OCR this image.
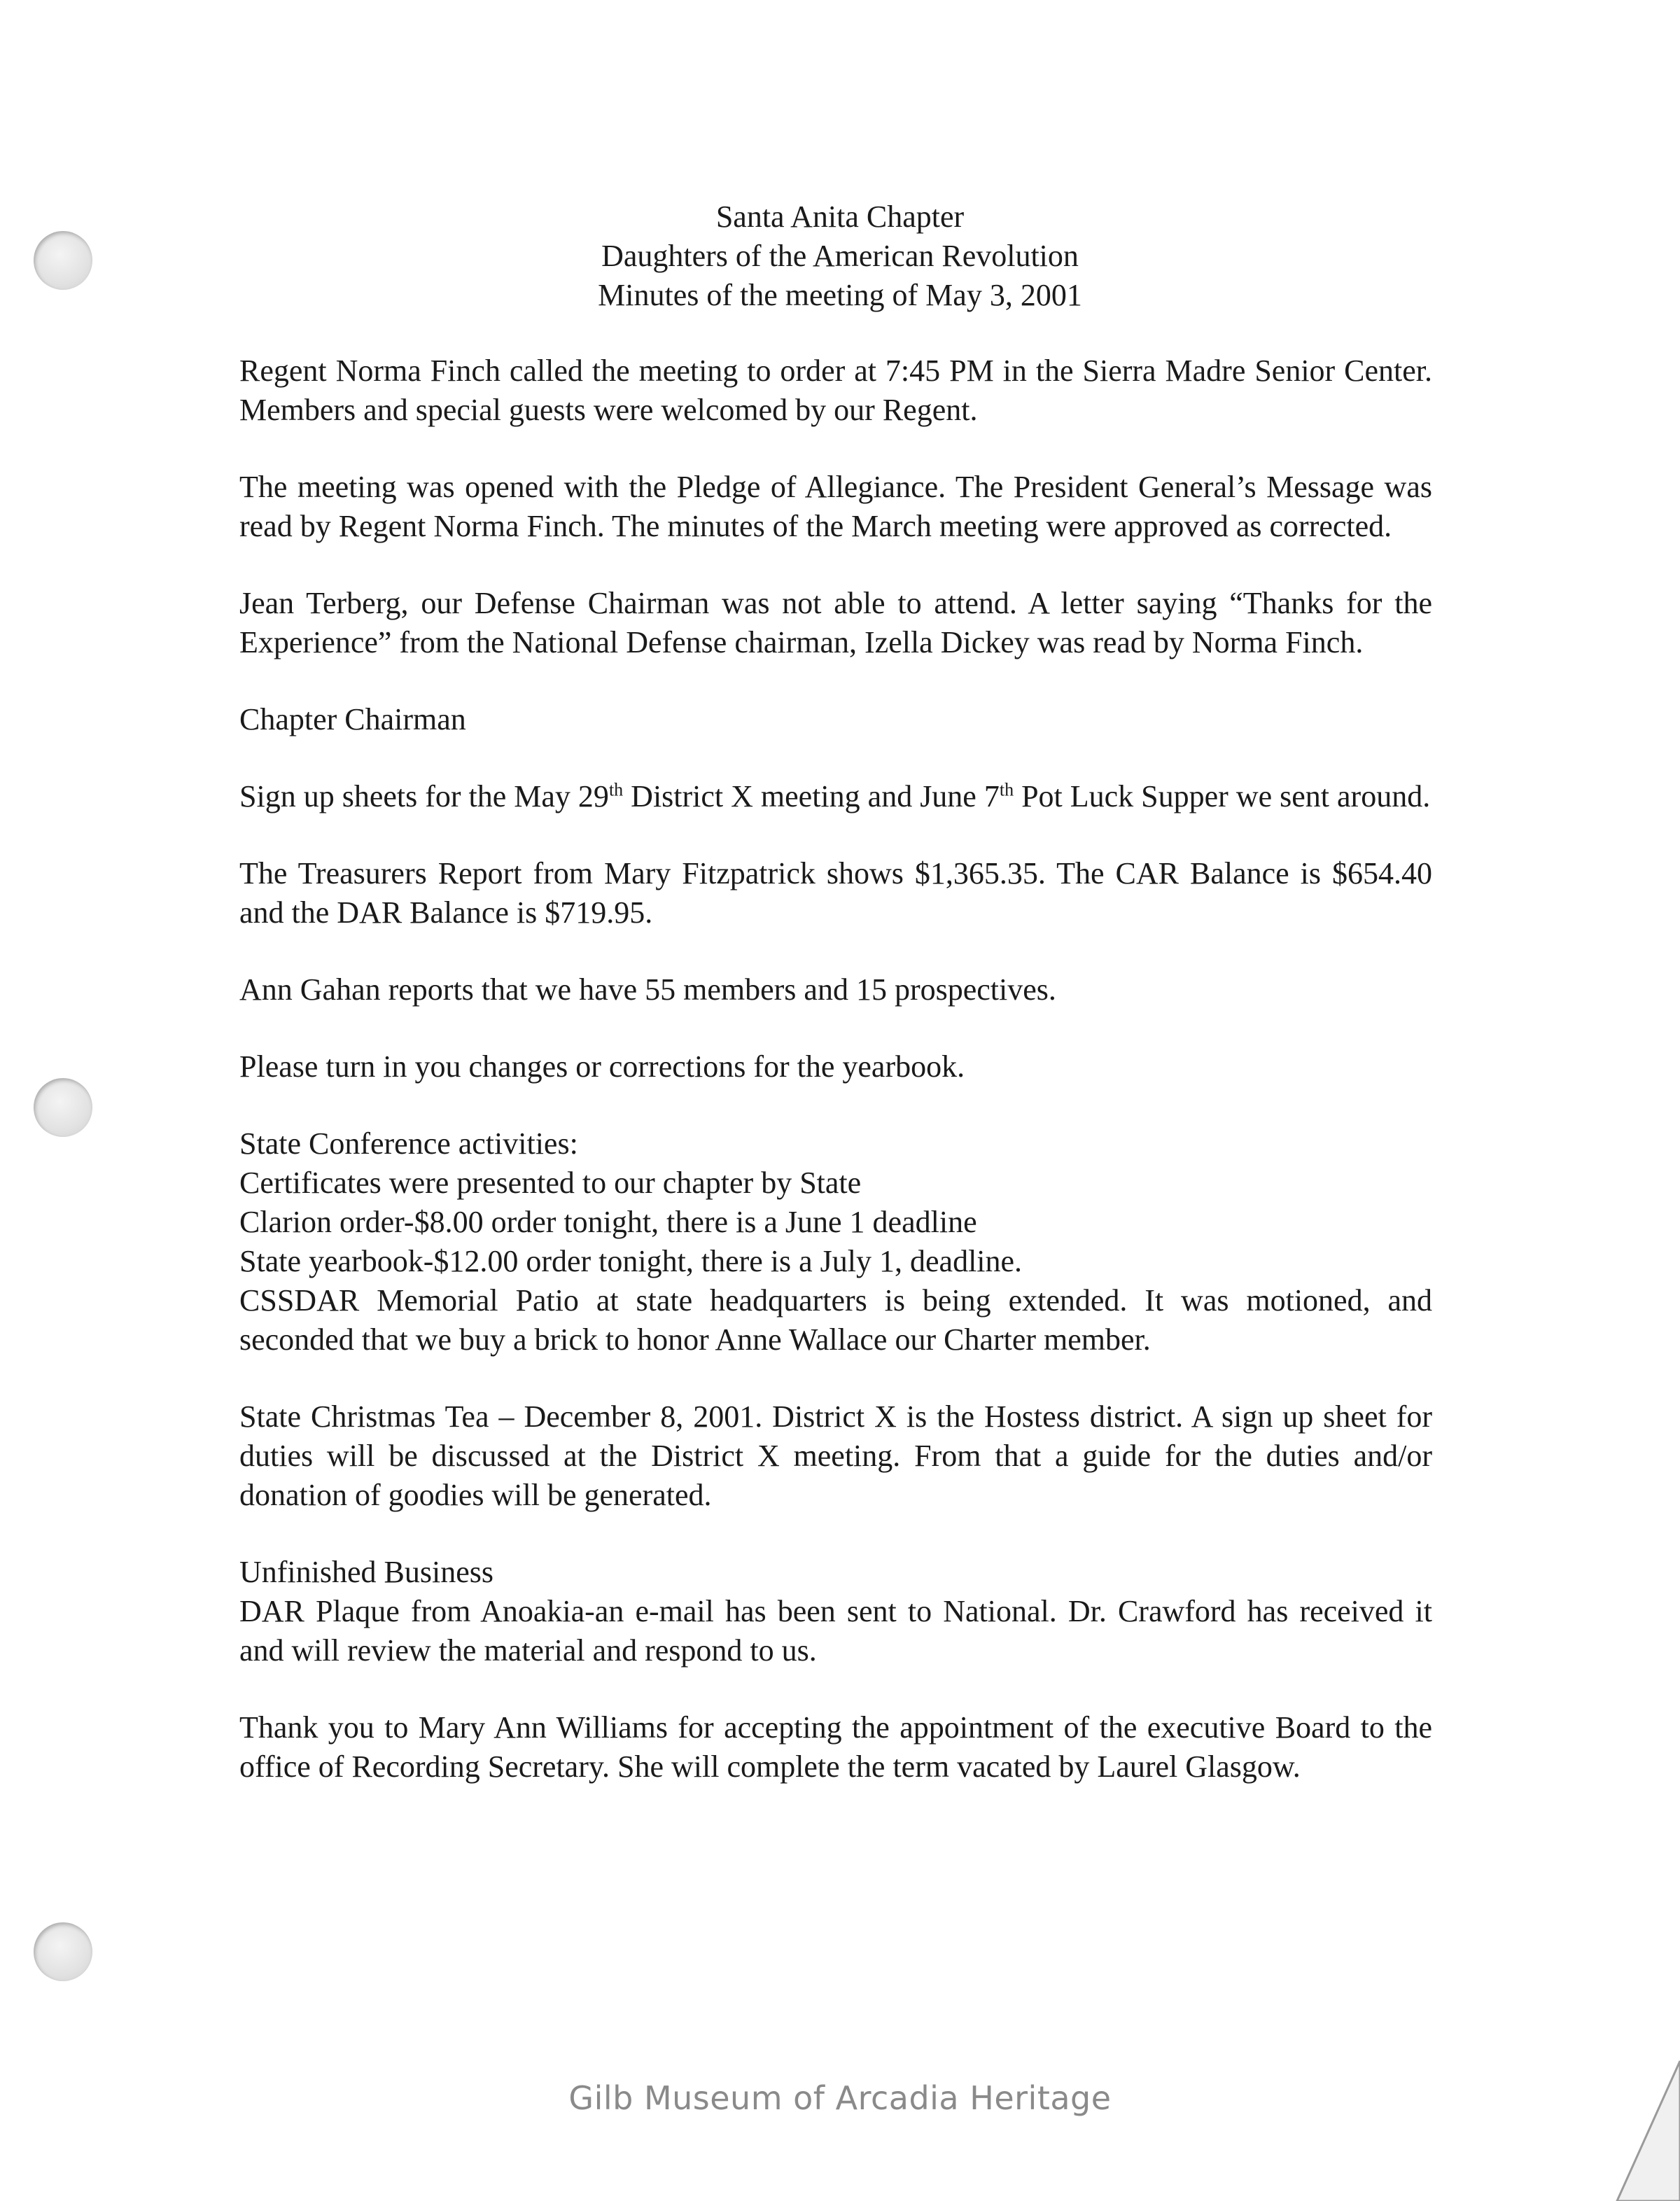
Santa Anita Chapter
Daughters of the American Revolution
Minutes of the meeting of May 3, 2001

Regent Norma Finch called the meeting to order at 7:45 PM in the Sierra Madre Senior Center. Members and special guests were welcomed by our Regent.

The meeting was opened with the Pledge of Allegiance. The President General’s Message was read by Regent Norma Finch. The minutes of the March meeting were approved as corrected.

Jean Terberg, our Defense Chairman was not able to attend. A letter saying “Thanks for the Experience” from the National Defense chairman, Izella Dickey was read by Norma Finch.

Chapter Chairman

Sign up sheets for the May 29th District X meeting and June 7th Pot Luck Supper we sent around.

The Treasurers Report from Mary Fitzpatrick shows $1,365.35. The CAR Balance is $654.40 and the DAR Balance is $719.95.

Ann Gahan reports that we have 55 members and 15 prospectives.

Please turn in you changes or corrections for the yearbook.

State Conference activities:
Certificates were presented to our chapter by State
Clarion order-$8.00 order tonight, there is a June 1 deadline
State yearbook-$12.00 order tonight, there is a July 1, deadline.
CSSDAR Memorial Patio at state headquarters is being extended. It was motioned, and seconded that we buy a brick to honor Anne Wallace our Charter member.

State Christmas Tea – December 8, 2001. District X is the Hostess district. A sign up sheet for duties will be discussed at the District X meeting. From that a guide for the duties and/or donation of goodies will be generated.

Unfinished Business
DAR Plaque from Anoakia-an e-mail has been sent to National. Dr. Crawford has received it and will review the material and respond to us.

Thank you to Mary Ann Williams for accepting the appointment of the executive Board to the office of Recording Secretary. She will complete the term vacated by Laurel Glasgow.

Gilb Museum of Arcadia Heritage
